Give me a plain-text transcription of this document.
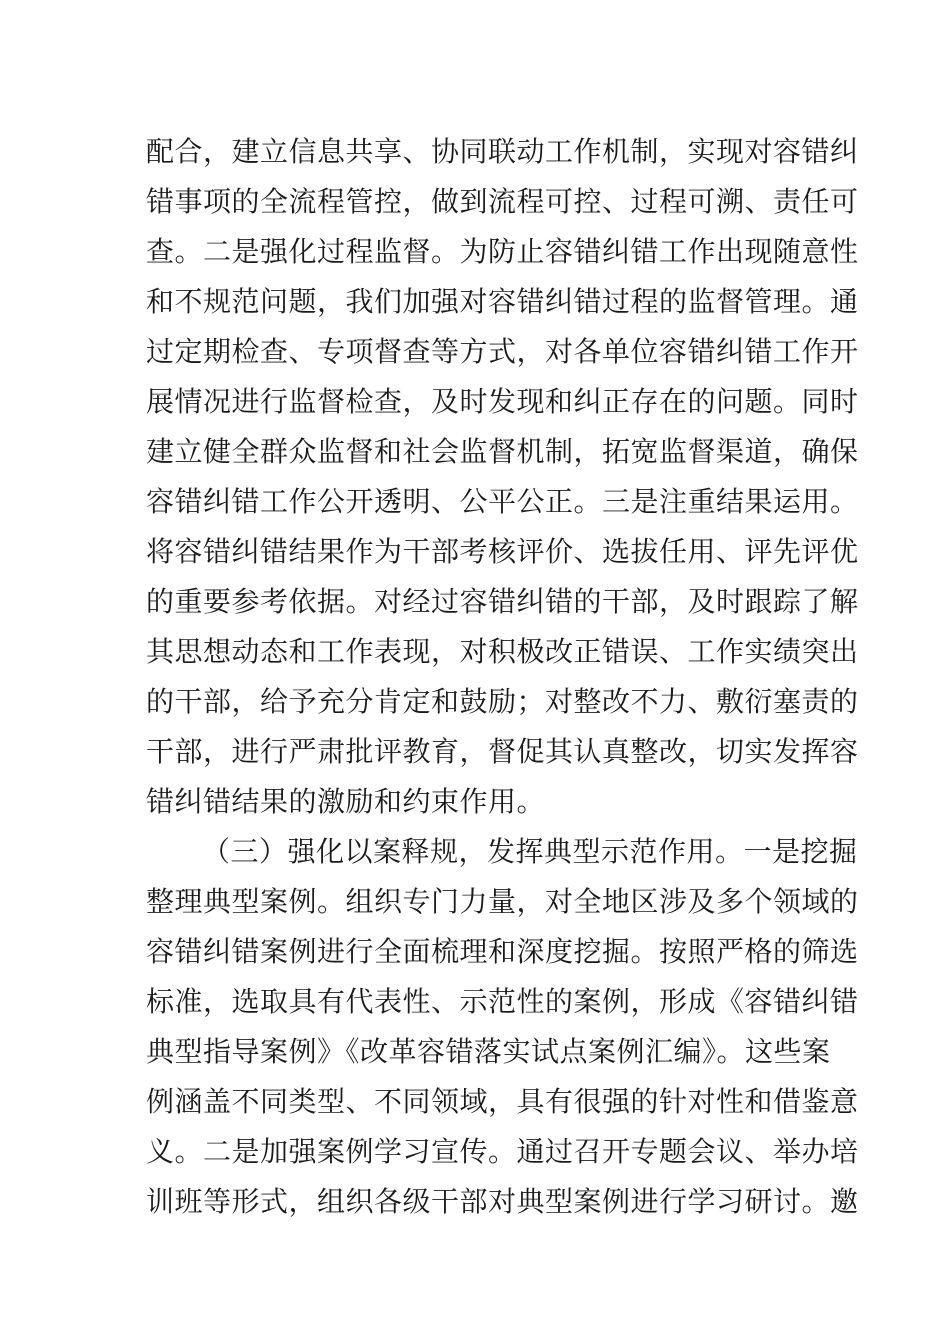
配合，建立信息共享、协同联动工作机制，实现对容错纠
错事项的全流程管控，做到流程可控、过程可溯、责任可
查。二是强化过程监督。为防止容错纠错工作出现随意性
和不规范问题，我们加强对容错纠错过程的监督管理。通
过定期检查、专项督查等方式，对各单位容错纠错工作开
展情况进行监督检查，及时发现和纠正存在的问题。同时
建立健全群众监督和社会监督机制，拓宽监督渠道，确保
容错纠错工作公开透明、公平公正。三是注重结果运用。
将容错纠错结果作为干部考核评价、选拔任用、评先评优
的重要参考依据。对经过容错纠错的干部，及时跟踪了解
其思想动态和工作表现，对积极改正错误、工作实绩突出
的干部，给予充分肯定和鼓励；对整改不力、敷衍塞责的
干部，进行严肃批评教育，督促其认真整改，切实发挥容
错纠错结果的激励和约束作用。
（三）强化以案释规，发挥典型示范作用。一是挖掘
整理典型案例。组织专门力量，对全地区涉及多个领域的
容错纠错案例进行全面梳理和深度挖掘。按照严格的筛选
标准，选取具有代表性、示范性的案例，形成《容错纠错
典型指导案例》《改革容错落实试点案例汇编》。这些案
例涵盖不同类型、不同领域，具有很强的针对性和借鉴意
义。二是加强案例学习宣传。通过召开专题会议、举办培
训班等形式，组织各级干部对典型案例进行学习研讨。邀
